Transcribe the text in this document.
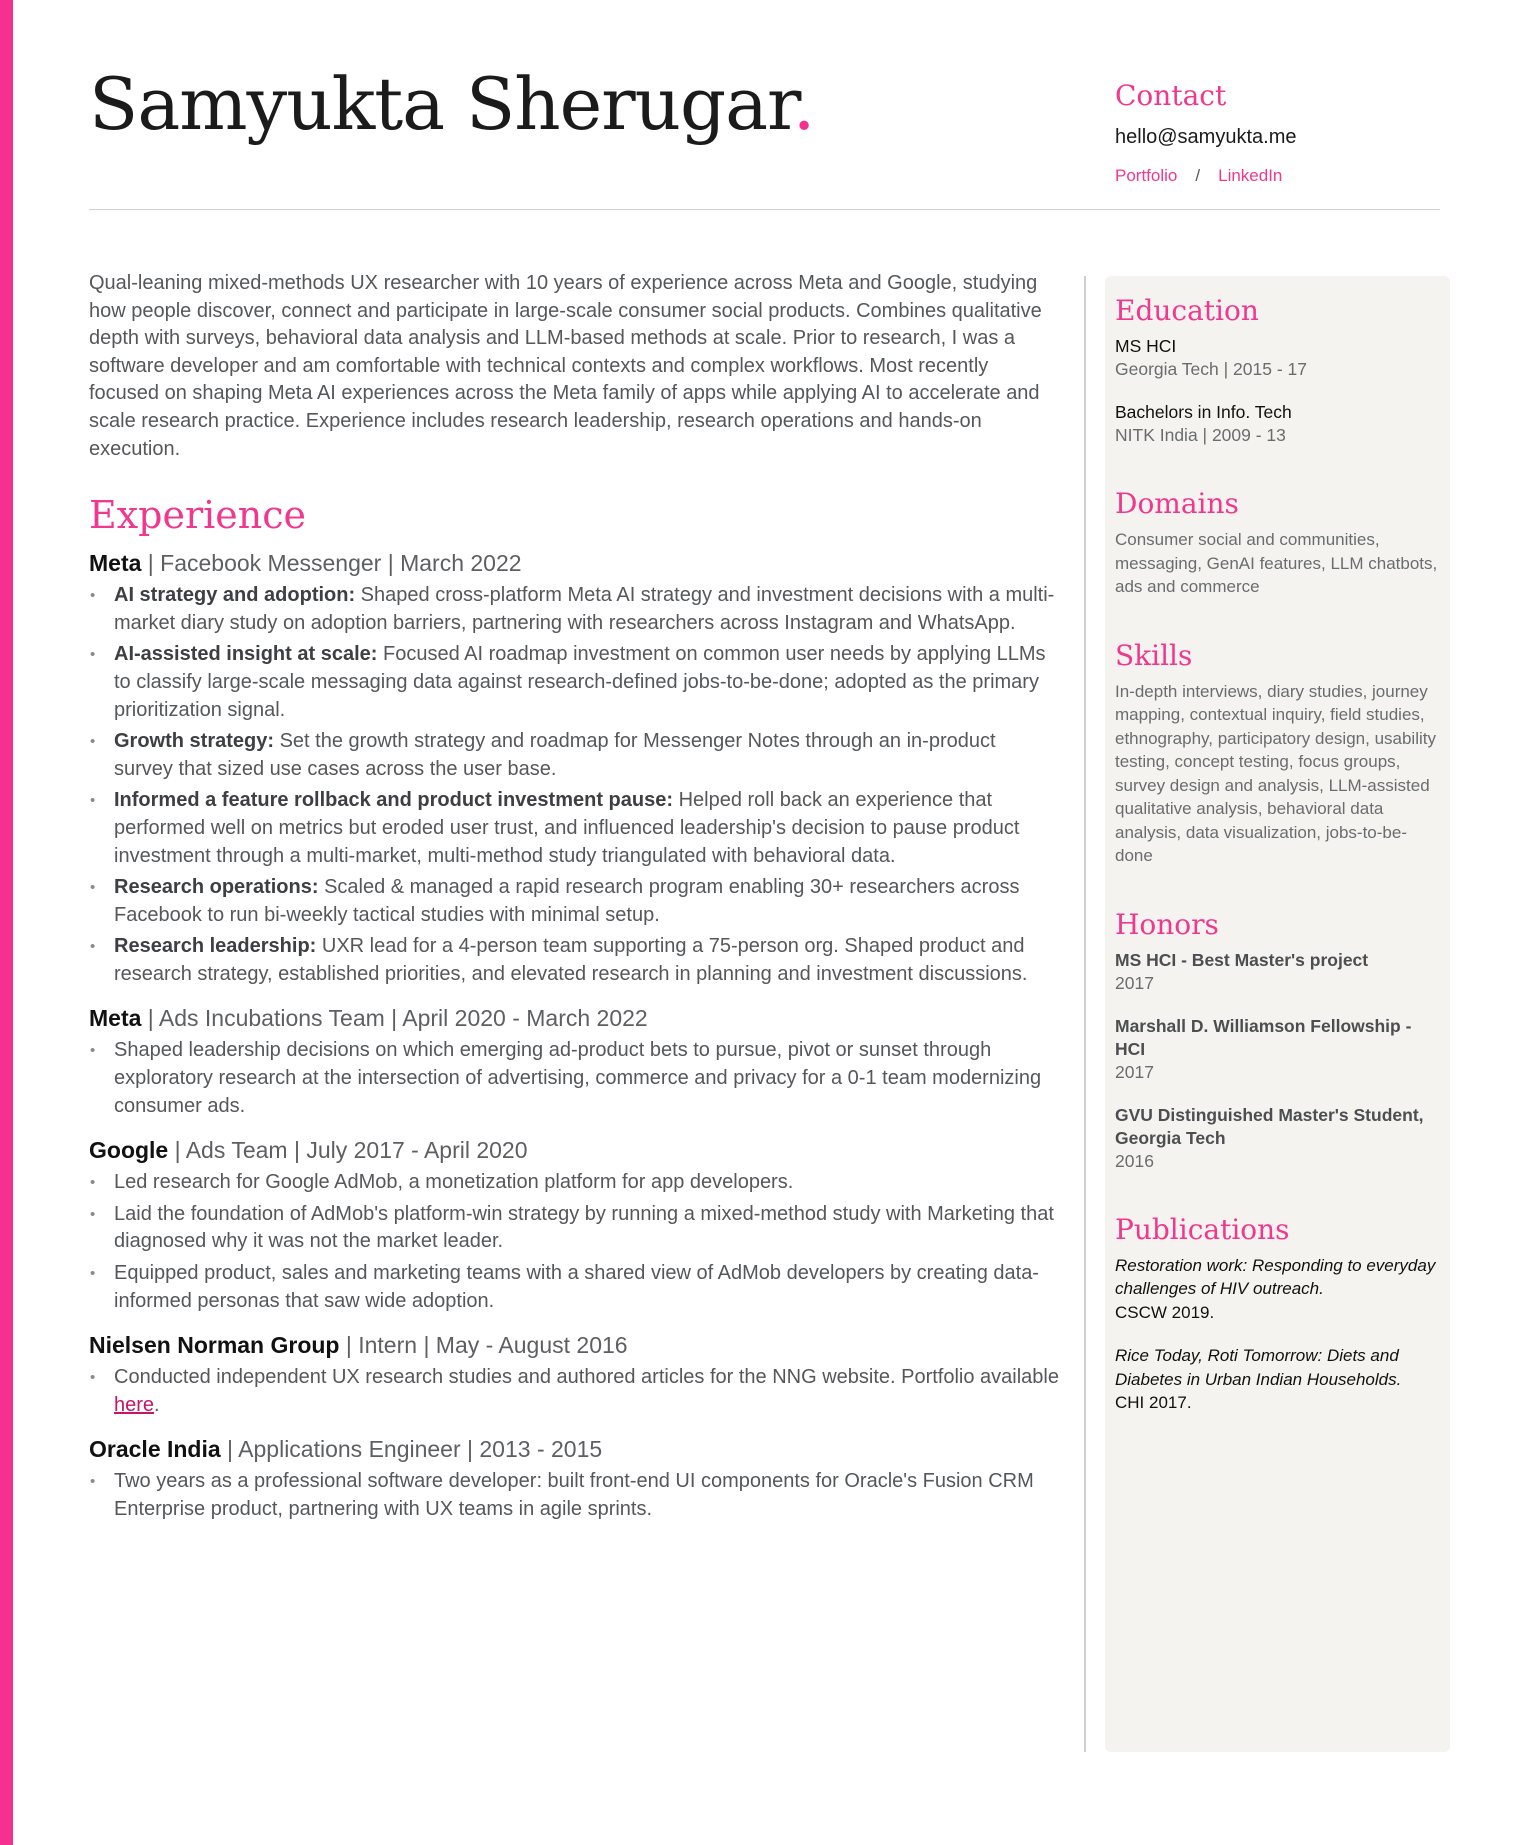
Samyukta Sherugar.	Contact
hello@samyukta.me
Portfolio / LinkedIn

Qual-leaning mixed-methods UX researcher with 10 years of experience across Meta and Google, studying how people discover, connect and participate in large-scale consumer social products. Combines qualitative depth with surveys, behavioral data analysis and LLM-based methods at scale. Prior to research, I was a software developer and am comfortable with technical contexts and complex workflows. Most recently focused on shaping Meta AI experiences across the Meta family of apps while applying AI to accelerate and scale research practice. Experience includes research leadership, research operations and hands-on execution.

Experience
Meta | Facebook Messenger | March 2022
• AI strategy and adoption: Shaped cross-platform Meta AI strategy and investment decisions with a multi-market diary study on adoption barriers, partnering with researchers across Instagram and WhatsApp.
• AI-assisted insight at scale: Focused AI roadmap investment on common user needs by applying LLMs to classify large-scale messaging data against research-defined jobs-to-be-done; adopted as the primary prioritization signal.
• Growth strategy: Set the growth strategy and roadmap for Messenger Notes through an in-product survey that sized use cases across the user base.
• Informed a feature rollback and product investment pause: Helped roll back an experience that performed well on metrics but eroded user trust, and influenced leadership's decision to pause product investment through a multi-market, multi-method study triangulated with behavioral data.
• Research operations: Scaled & managed a rapid research program enabling 30+ researchers across Facebook to run bi-weekly tactical studies with minimal setup.
• Research leadership: UXR lead for a 4-person team supporting a 75-person org. Shaped product and research strategy, established priorities, and elevated research in planning and investment discussions.
Meta | Ads Incubations Team | April 2020 - March 2022
• Shaped leadership decisions on which emerging ad-product bets to pursue, pivot or sunset through exploratory research at the intersection of advertising, commerce and privacy for a 0-1 team modernizing consumer ads.
Google | Ads Team | July 2017 - April 2020
• Led research for Google AdMob, a monetization platform for app developers.
• Laid the foundation of AdMob's platform-win strategy by running a mixed-method study with Marketing that diagnosed why it was not the market leader.
• Equipped product, sales and marketing teams with a shared view of AdMob developers by creating data-informed personas that saw wide adoption.
Nielsen Norman Group | Intern | May - August 2016
• Conducted independent UX research studies and authored articles for the NNG website. Portfolio available here.
Oracle India | Applications Engineer | 2013 - 2015
• Two years as a professional software developer: built front-end UI components for Oracle's Fusion CRM Enterprise product, partnering with UX teams in agile sprints.
Education
MS HCI
Georgia Tech | 2015 - 17
Bachelors in Info. Tech
NITK India | 2009 - 13
Domains

Consumer social and communities, messaging, GenAI features, LLM chatbots, ads and commerce

Skills

In-depth interviews, diary studies, journey mapping, contextual inquiry, field studies, ethnography, participatory design, usability testing, concept testing, focus groups, survey design and analysis, LLM-assisted qualitative analysis, behavioral data analysis, data visualization, jobs-to-be-done

Honors
MS HCI - Best Master's project
2017
Marshall D. Williamson Fellowship - HCI
2017
GVU Distinguished Master's Student, Georgia Tech
2016
Publications
Restoration work: Responding to everyday challenges of HIV outreach.
CSCW 2019.
Rice Today, Roti Tomorrow: Diets and Diabetes in Urban Indian Households.
CHI 2017.
